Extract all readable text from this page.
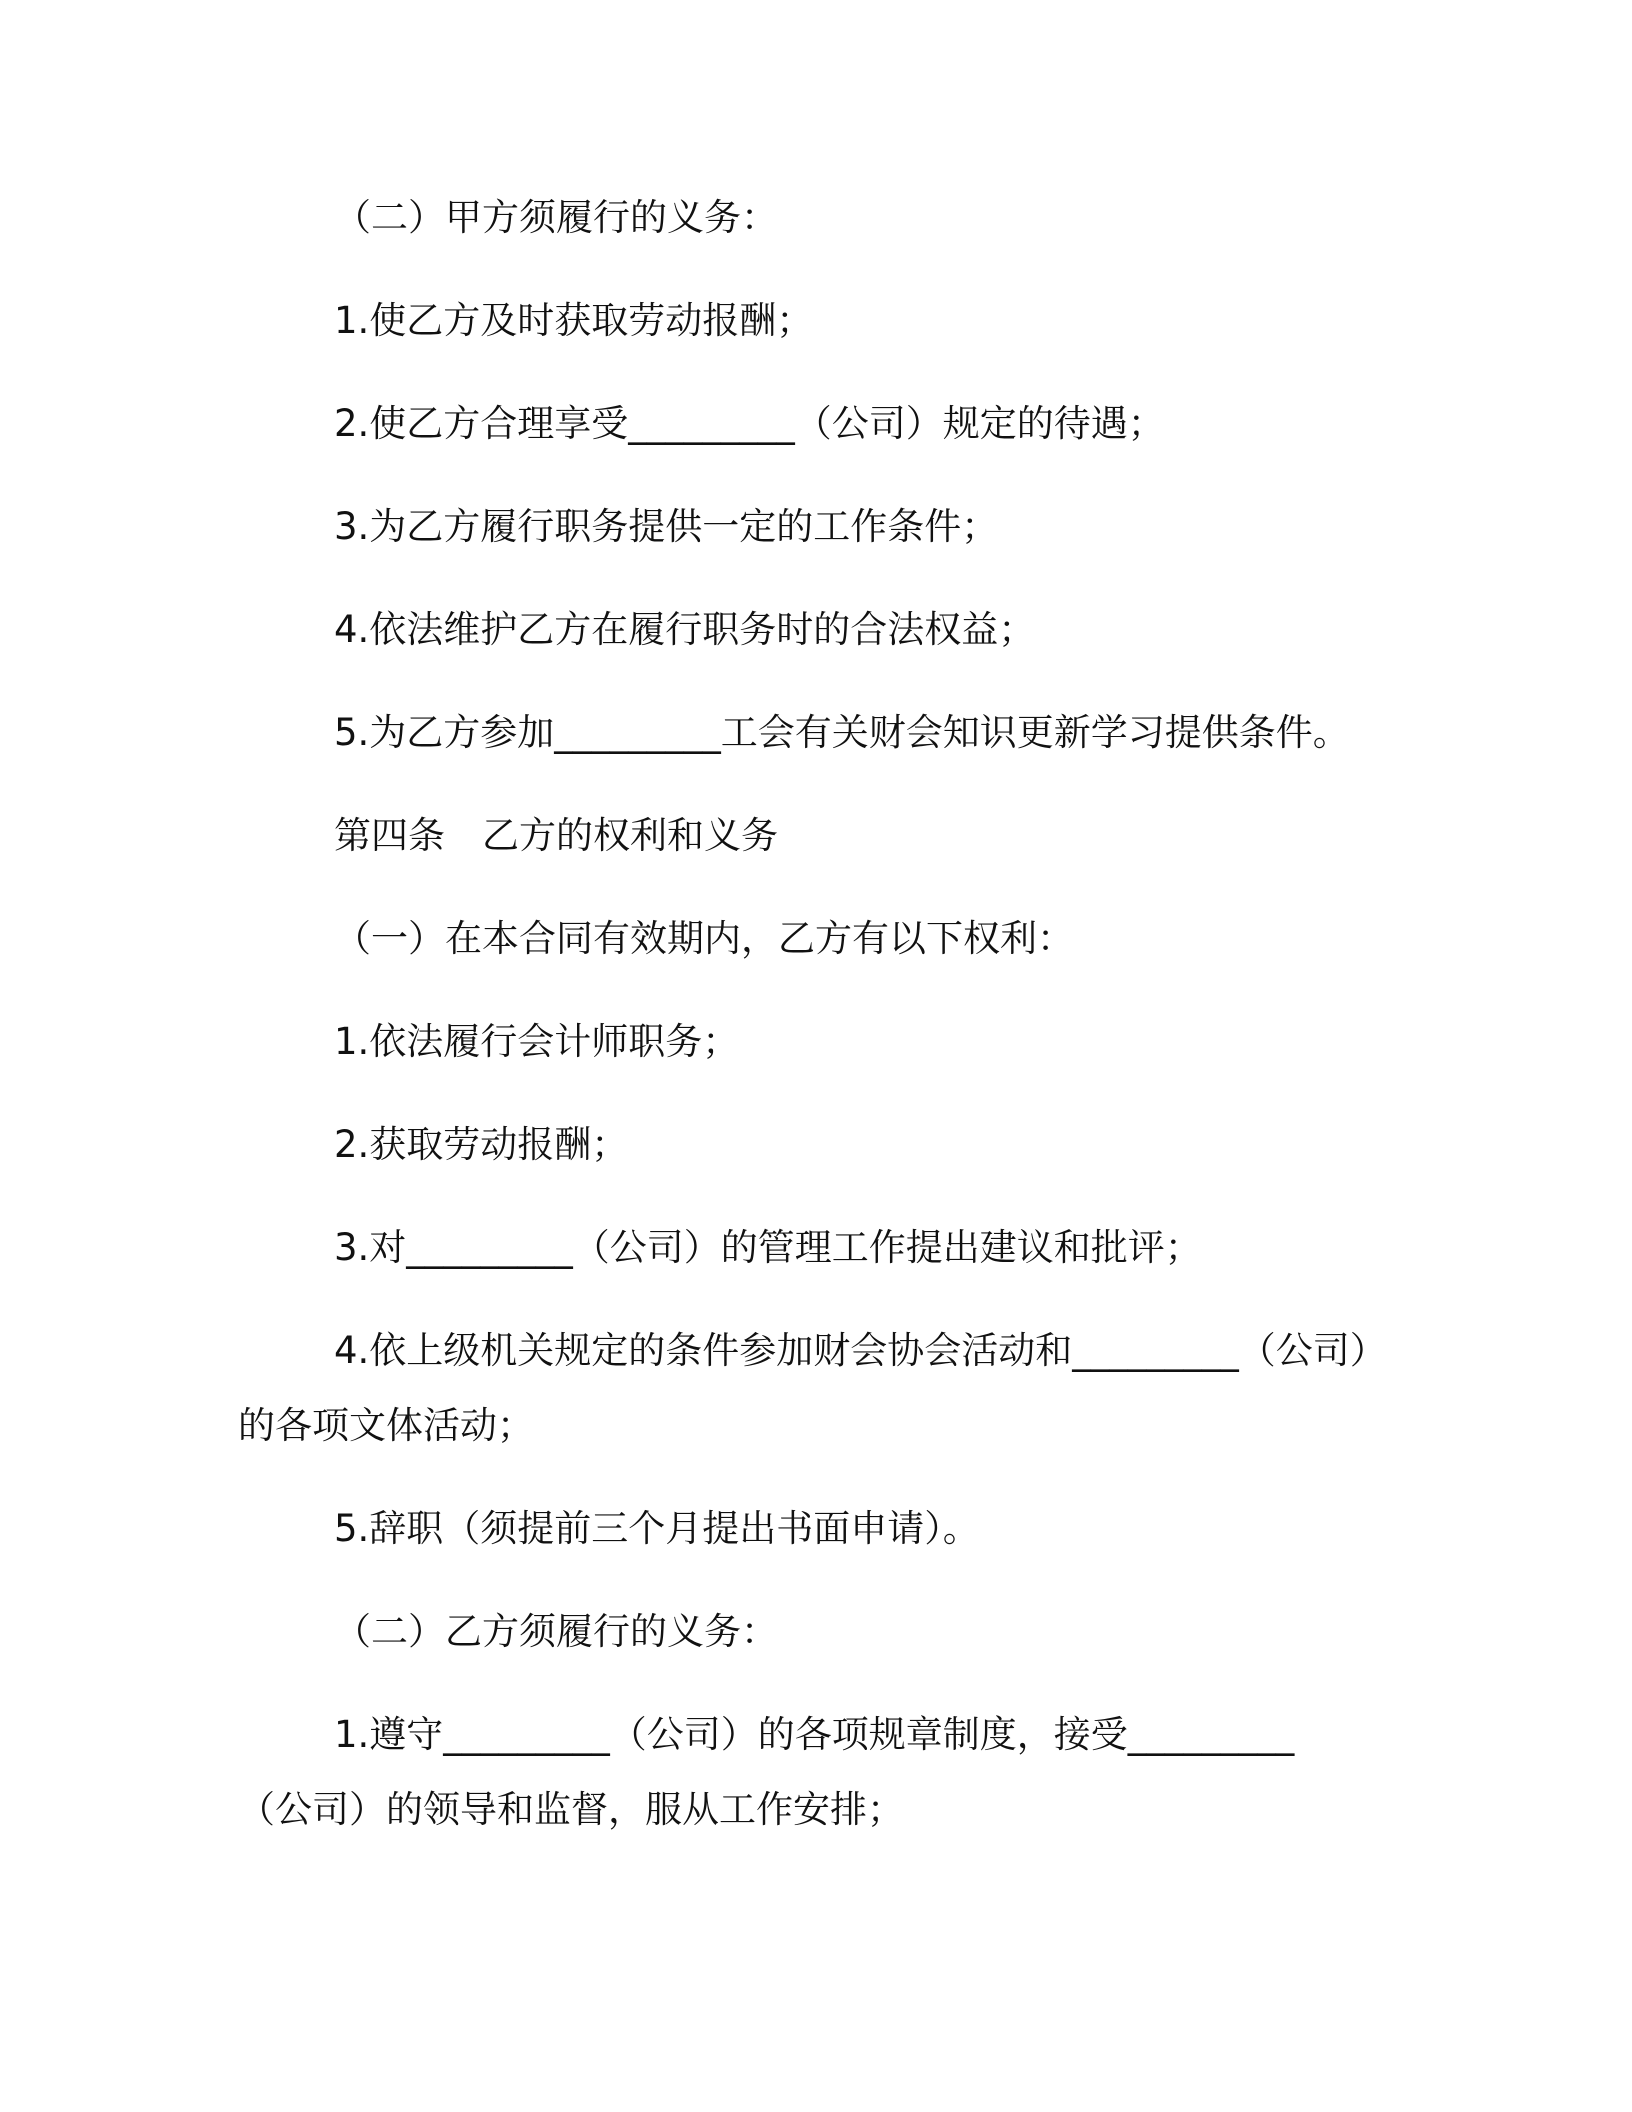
（二）甲方须履行的义务：
1.使乙方及时获取劳动报酬；
2.使乙方合理享受_________（公司）规定的待遇；
3.为乙方履行职务提供一定的工作条件；
4.依法维护乙方在履行职务时的合法权益；
5.为乙方参加_________工会有关财会知识更新学习提供条件。
第四条　乙方的权利和义务
（一）在本合同有效期内，乙方有以下权利：
1.依法履行会计师职务；
2.获取劳动报酬；
3.对_________（公司）的管理工作提出建议和批评；
4.依上级机关规定的条件参加财会协会活动和_________（公司）
的各项文体活动；
5.辞职（须提前三个月提出书面申请）。
（二）乙方须履行的义务：
1.遵守_________（公司）的各项规章制度，接受_________
（公司）的领导和监督，服从工作安排；
